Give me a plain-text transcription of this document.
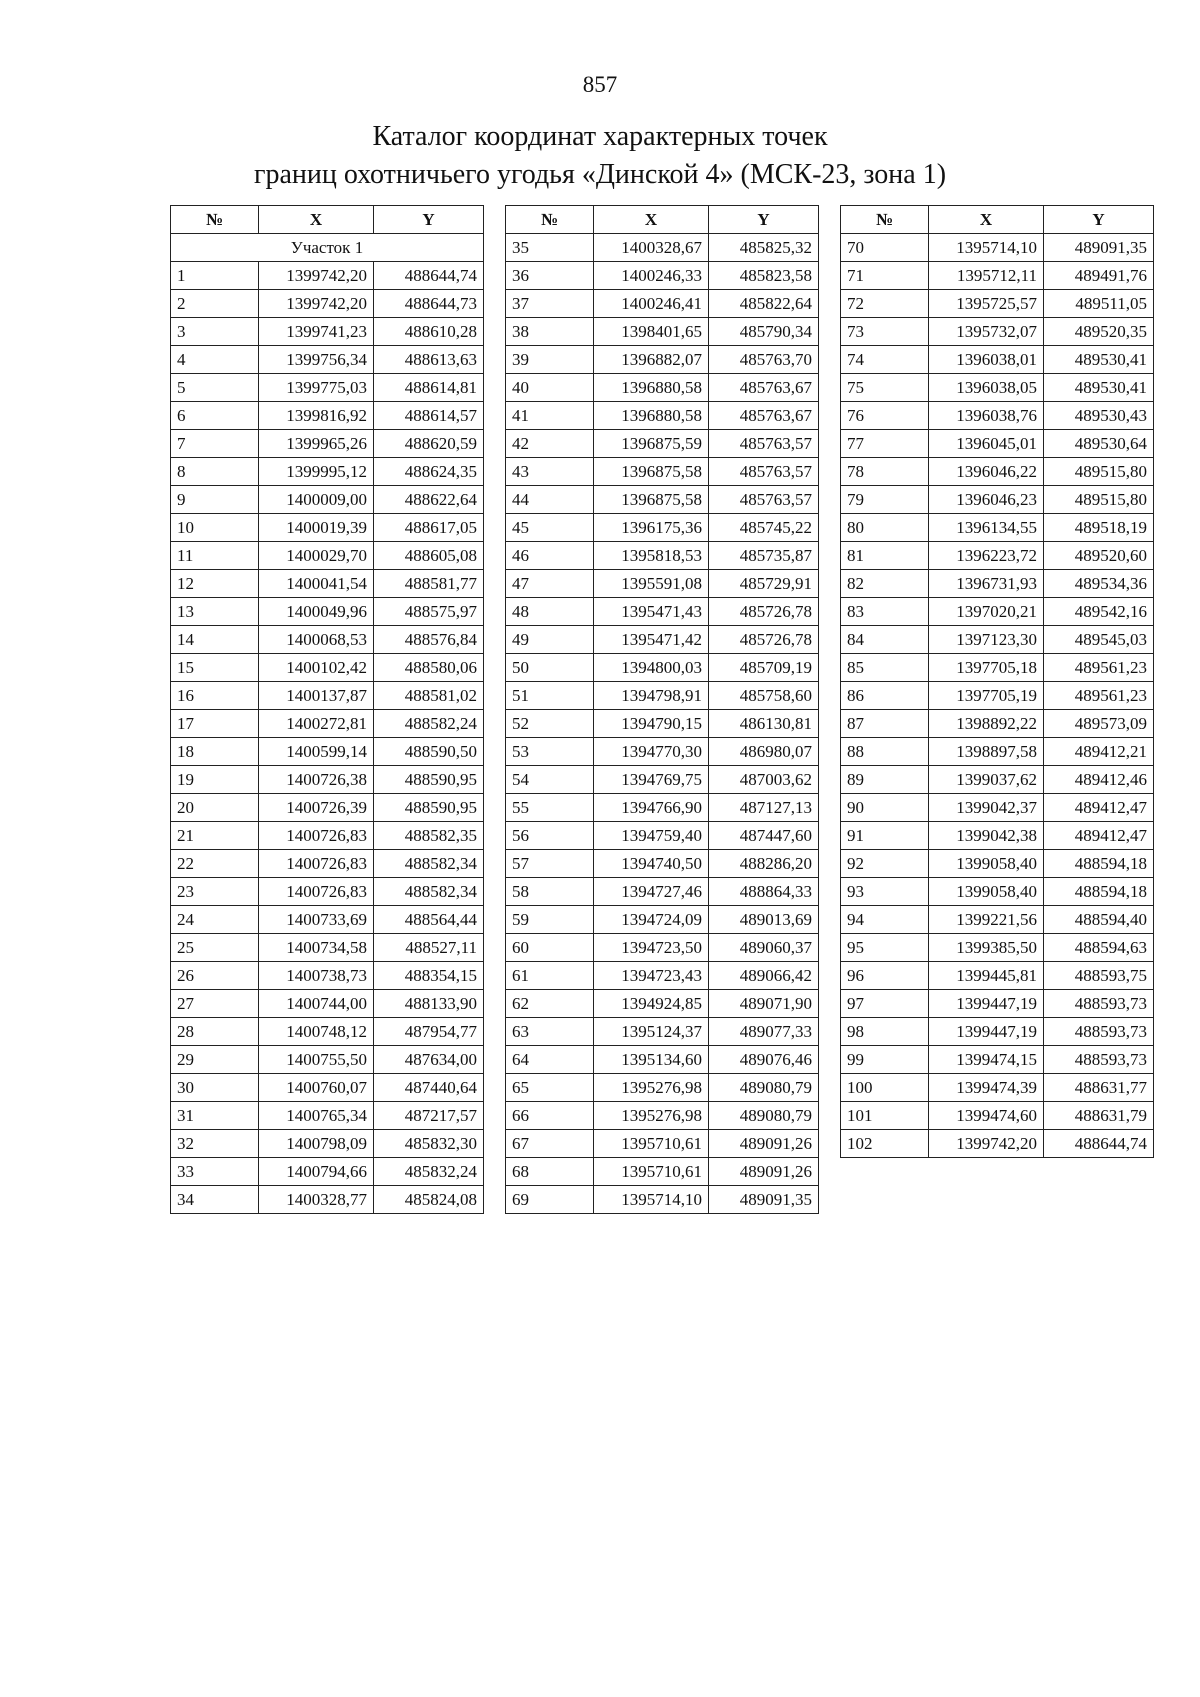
857
Каталог координат характерных точек
границ охотничьего угодья «Динской 4» (МСК-23, зона 1)
№	X	Y
Участок 1		
1	1399742,20	488644,74
2	1399742,20	488644,73
3	1399741,23	488610,28
4	1399756,34	488613,63
5	1399775,03	488614,81
6	1399816,92	488614,57
7	1399965,26	488620,59
8	1399995,12	488624,35
9	1400009,00	488622,64
10	1400019,39	488617,05
11	1400029,70	488605,08
12	1400041,54	488581,77
13	1400049,96	488575,97
14	1400068,53	488576,84
15	1400102,42	488580,06
16	1400137,87	488581,02
17	1400272,81	488582,24
18	1400599,14	488590,50
19	1400726,38	488590,95
20	1400726,39	488590,95
21	1400726,83	488582,35
22	1400726,83	488582,34
23	1400726,83	488582,34
24	1400733,69	488564,44
25	1400734,58	488527,11
26	1400738,73	488354,15
27	1400744,00	488133,90
28	1400748,12	487954,77
29	1400755,50	487634,00
30	1400760,07	487440,64
31	1400765,34	487217,57
32	1400798,09	485832,30
33	1400794,66	485832,24
34	1400328,77	485824,08
№	X	Y
35	1400328,67	485825,32
36	1400246,33	485823,58
37	1400246,41	485822,64
38	1398401,65	485790,34
39	1396882,07	485763,70
40	1396880,58	485763,67
41	1396880,58	485763,67
42	1396875,59	485763,57
43	1396875,58	485763,57
44	1396875,58	485763,57
45	1396175,36	485745,22
46	1395818,53	485735,87
47	1395591,08	485729,91
48	1395471,43	485726,78
49	1395471,42	485726,78
50	1394800,03	485709,19
51	1394798,91	485758,60
52	1394790,15	486130,81
53	1394770,30	486980,07
54	1394769,75	487003,62
55	1394766,90	487127,13
56	1394759,40	487447,60
57	1394740,50	488286,20
58	1394727,46	488864,33
59	1394724,09	489013,69
60	1394723,50	489060,37
61	1394723,43	489066,42
62	1394924,85	489071,90
63	1395124,37	489077,33
64	1395134,60	489076,46
65	1395276,98	489080,79
66	1395276,98	489080,79
67	1395710,61	489091,26
68	1395710,61	489091,26
69	1395714,10	489091,35
№	X	Y
70	1395714,10	489091,35
71	1395712,11	489491,76
72	1395725,57	489511,05
73	1395732,07	489520,35
74	1396038,01	489530,41
75	1396038,05	489530,41
76	1396038,76	489530,43
77	1396045,01	489530,64
78	1396046,22	489515,80
79	1396046,23	489515,80
80	1396134,55	489518,19
81	1396223,72	489520,60
82	1396731,93	489534,36
83	1397020,21	489542,16
84	1397123,30	489545,03
85	1397705,18	489561,23
86	1397705,19	489561,23
87	1398892,22	489573,09
88	1398897,58	489412,21
89	1399037,62	489412,46
90	1399042,37	489412,47
91	1399042,38	489412,47
92	1399058,40	488594,18
93	1399058,40	488594,18
94	1399221,56	488594,40
95	1399385,50	488594,63
96	1399445,81	488593,75
97	1399447,19	488593,73
98	1399447,19	488593,73
99	1399474,15	488593,73
100	1399474,39	488631,77
101	1399474,60	488631,79
102	1399742,20	488644,74
